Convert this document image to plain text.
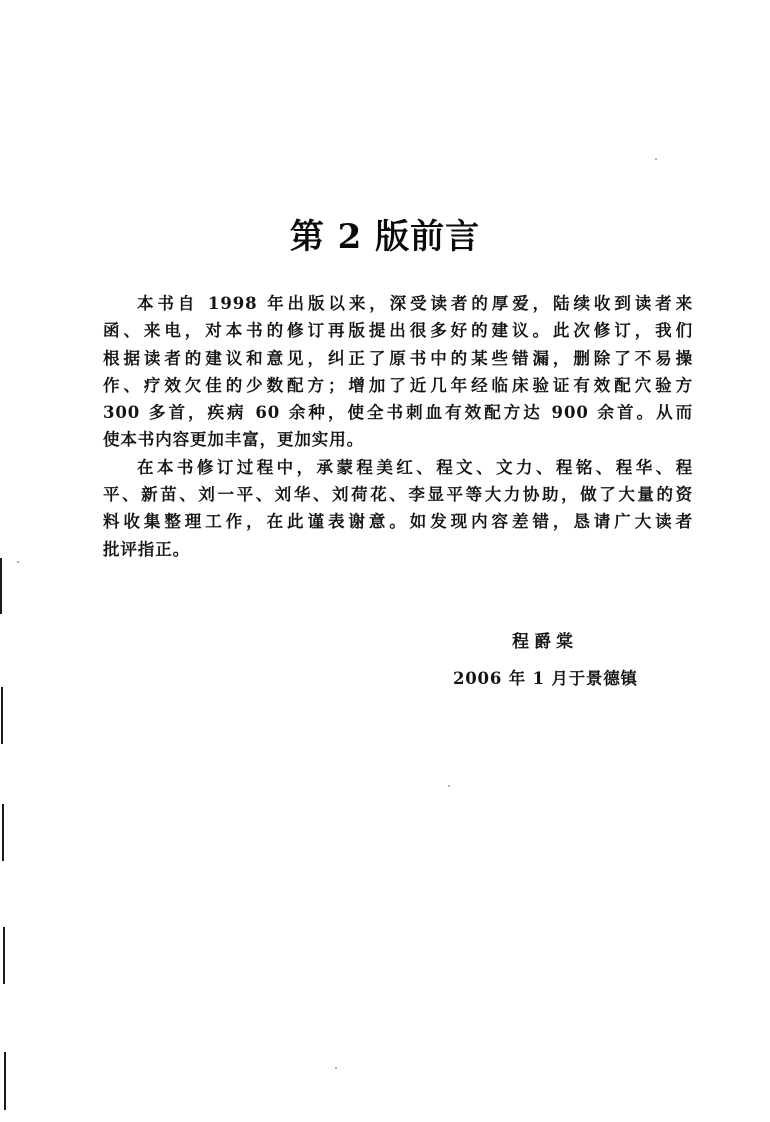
第 2 版前言

本书自 1998 年出版以来，深受读者的厚爱，陆续收到读者来
函、来电，对本书的修订再版提出很多好的建议。此次修订，我们
根据读者的建议和意见，纠正了原书中的某些错漏，删除了不易操
作、疗效欠佳的少数配方；增加了近几年经临床验证有效配穴验方
300 多首，疾病 60 余种，使全书刺血有效配方达 900 余首。从而
使本书内容更加丰富，更加实用。

在本书修订过程中，承蒙程美红、程文、文力、程铭、程华、程
平、新苗、刘一平、刘华、刘荷花、李显平等大力协助，做了大量的资
料收集整理工作，在此谨表谢意。如发现内容差错，恳请广大读者
批评指正。

程爵棠
2006 年 1 月于景德镇
